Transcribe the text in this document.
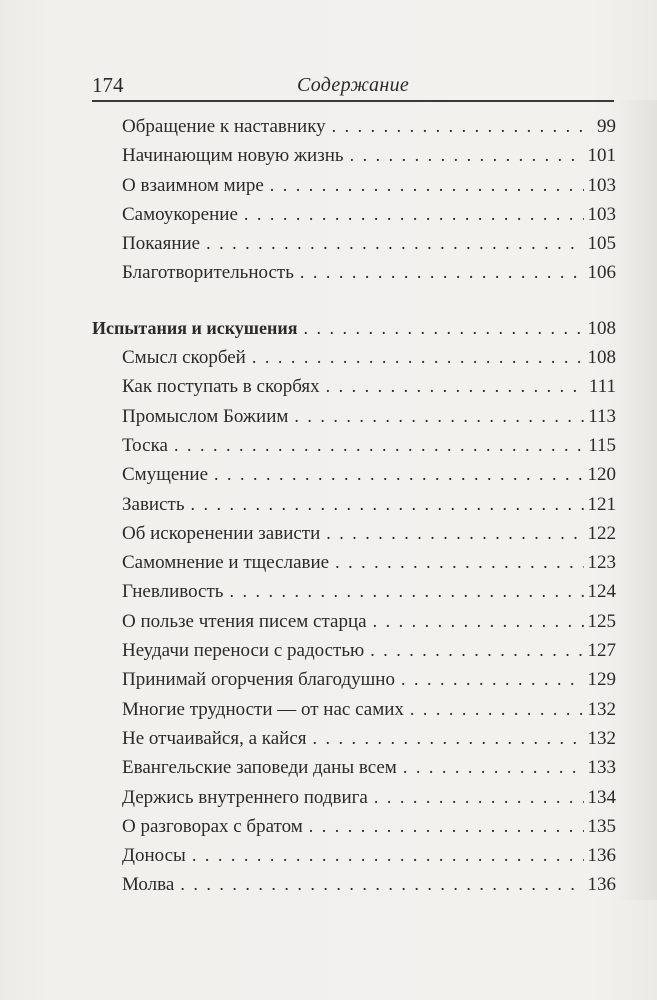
174	Содержание
Обращение к наставнику . . .	99
Начинающим новую жизнь . . .	101
О взаимном мире . . .	103
Самоукорение . . .	103
Покаяние . . .	105
Благотворительность . . .	106
Испытания и искушения . . .	108
Смысл скорбей . . .	108
Как поступать в скорбях . . .	111
Промыслом Божиим . . .	113
Тоска . . .	115
Смущение . . .	120
Зависть . . .	121
Об искоренении зависти . . .	122
Самомнение и тщеславие . . .	123
Гневливость . . .	124
О пользе чтения писем старца . . .	125
Неудачи переноси с радостью . . .	127
Принимай огорчения благодушно . . .	129
Многие трудности — от нас самих . . .	132
Не отчаивайся, а кайся . . .	132
Евангельские заповеди даны всем . . .	133
Держись внутреннего подвига . . .	134
О разговорах с братом . . .	135
Доносы . . .	136
Молва . . .	136
